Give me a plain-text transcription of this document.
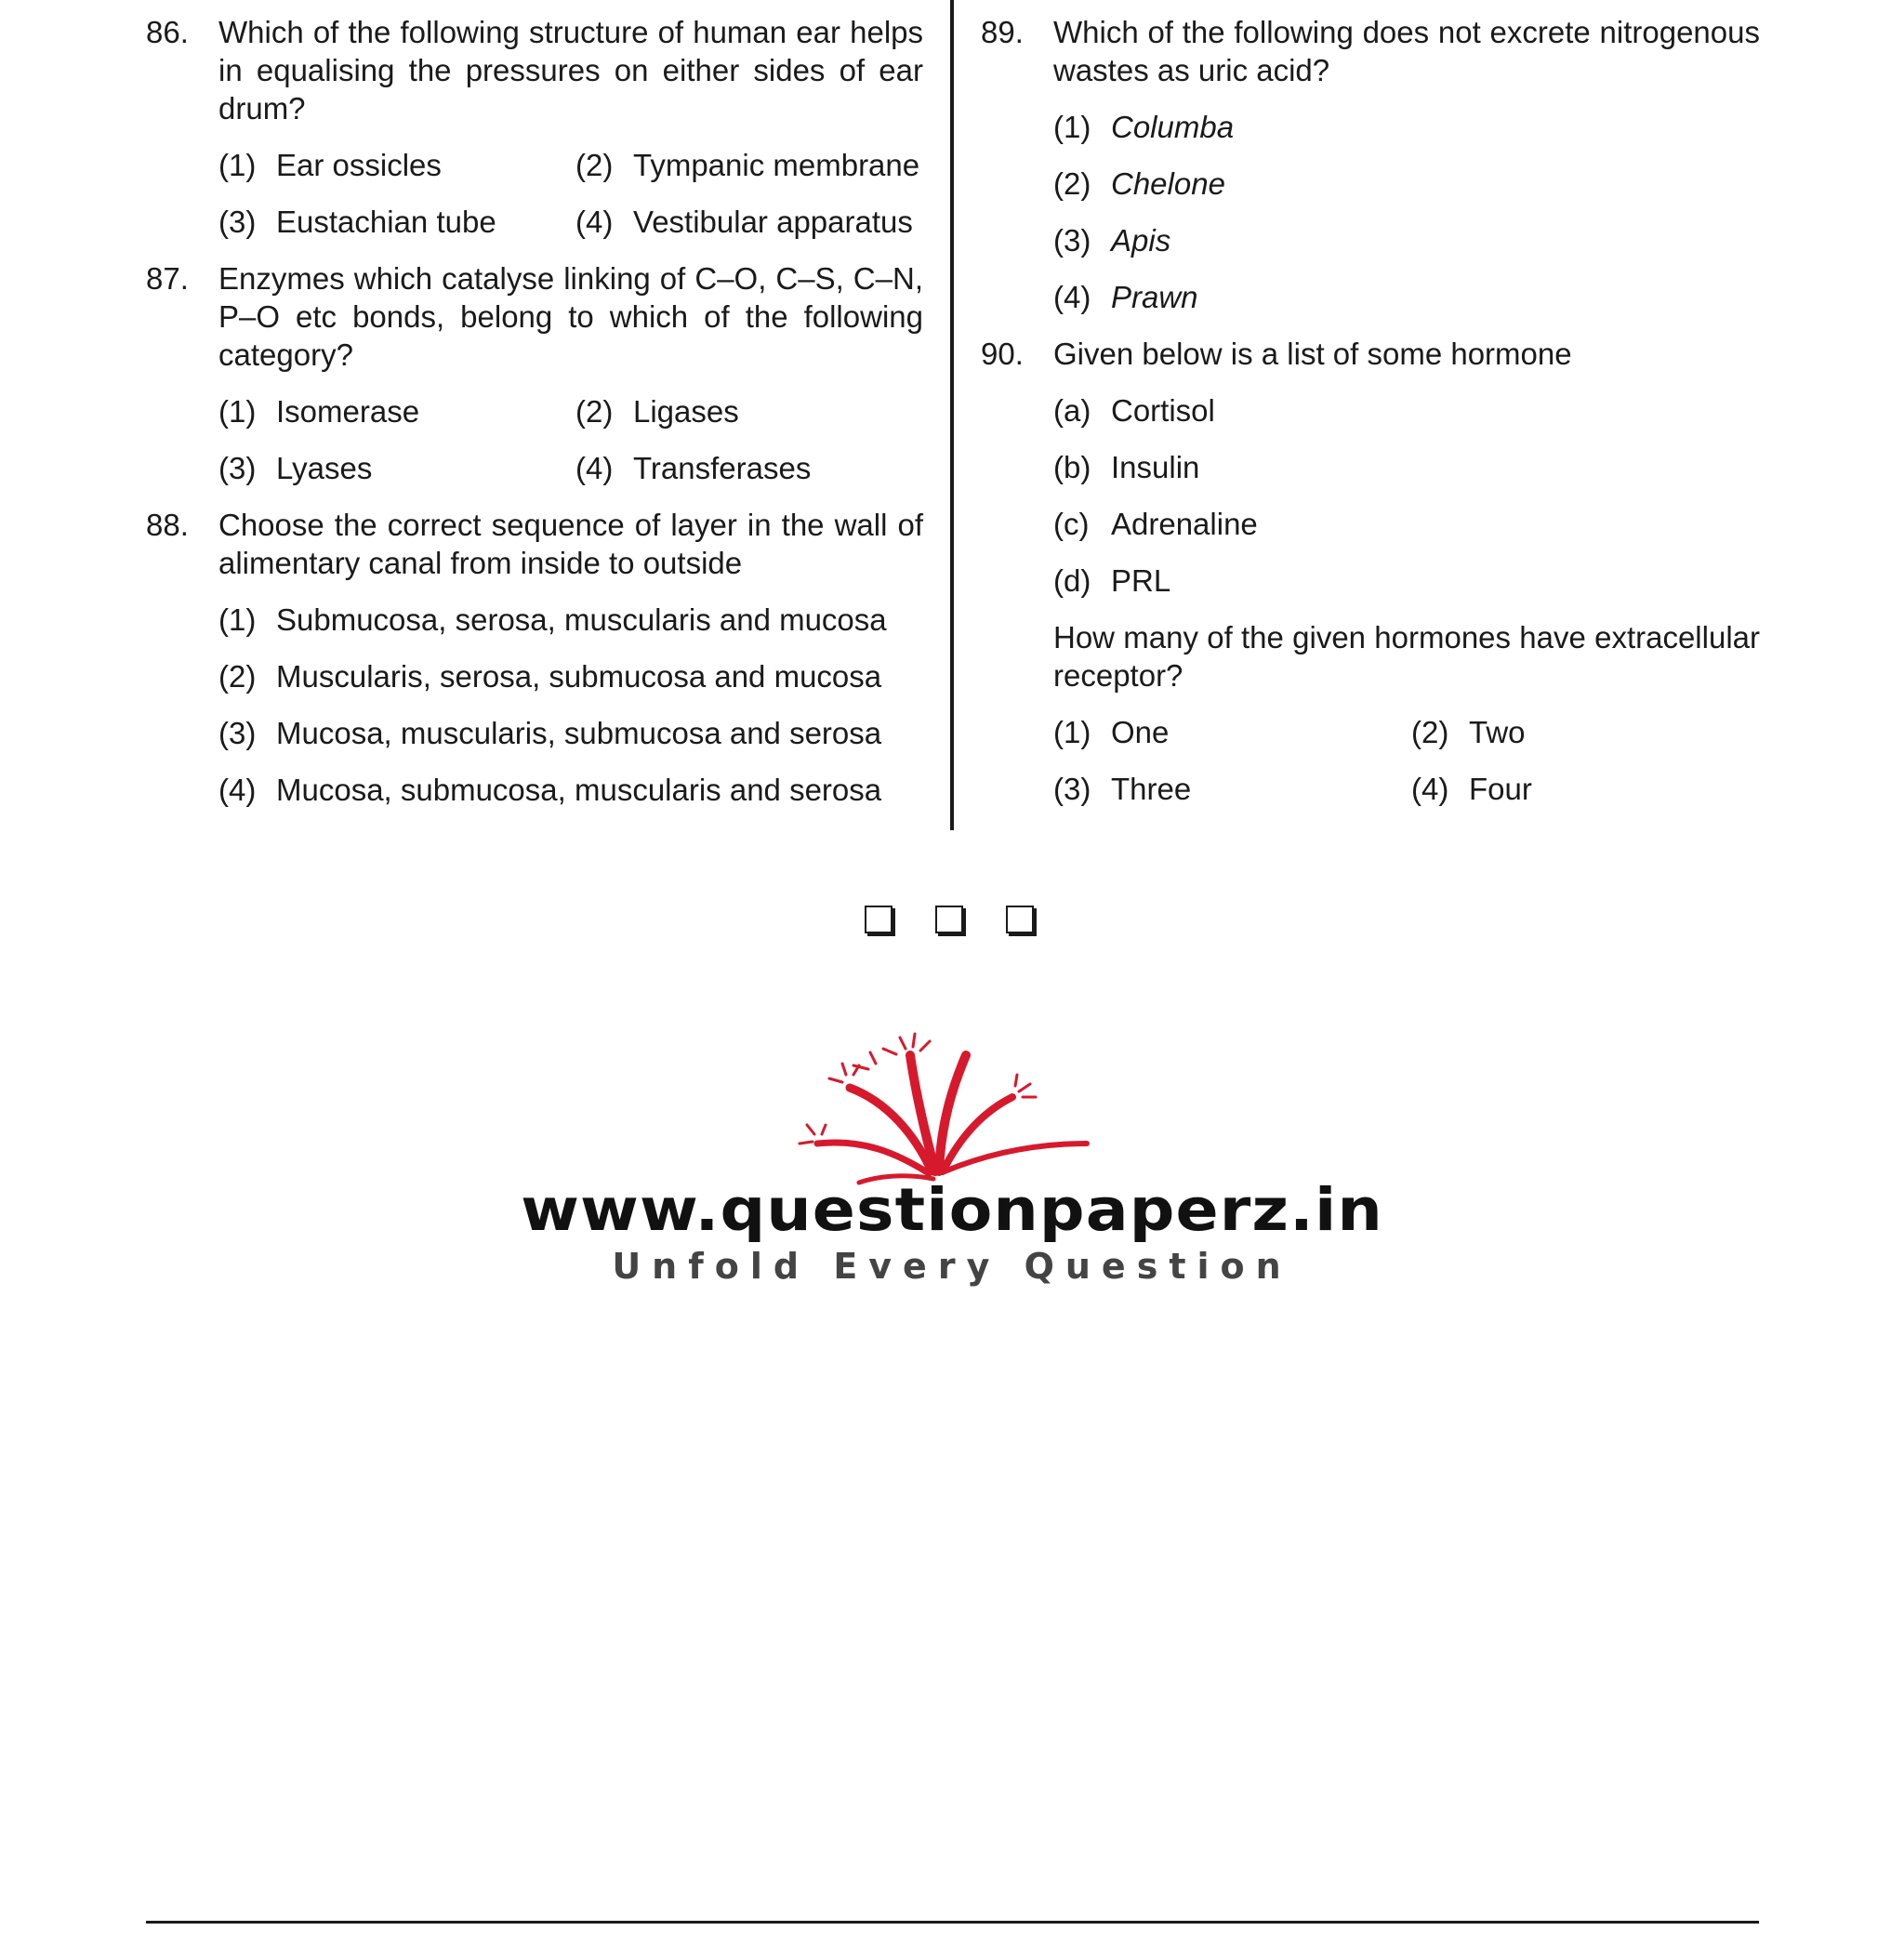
86. Which of the following structure of human ear helps in equalising the pressures on either sides of ear drum?
(1) Ear ossicles	(2) Tympanic membrane
(3) Eustachian tube	(4) Vestibular apparatus
87. Enzymes which catalyse linking of C–O, C–S, C–N, P–O etc bonds, belong to which of the following category?
(1) Isomerase	(2) Ligases
(3) Lyases	(4) Transferases
88. Choose the correct sequence of layer in the wall of alimentary canal from inside to outside
(1) Submucosa, serosa, muscularis and mucosa
(2) Muscularis, serosa, submucosa and mucosa
(3) Mucosa, muscularis, submucosa and serosa
(4) Mucosa, submucosa, muscularis and serosa
89. Which of the following does not excrete nitrogenous wastes as uric acid?
(1) Columba
(2) Chelone
(3) Apis
(4) Prawn
90. Given below is a list of some hormone
(a) Cortisol
(b) Insulin
(c) Adrenaline
(d) PRL
How many of the given hormones have extracellular receptor?
(1) One	(2) Two
(3) Three	(4) Four
www.questionpaperz.in
Unfold Every Question
